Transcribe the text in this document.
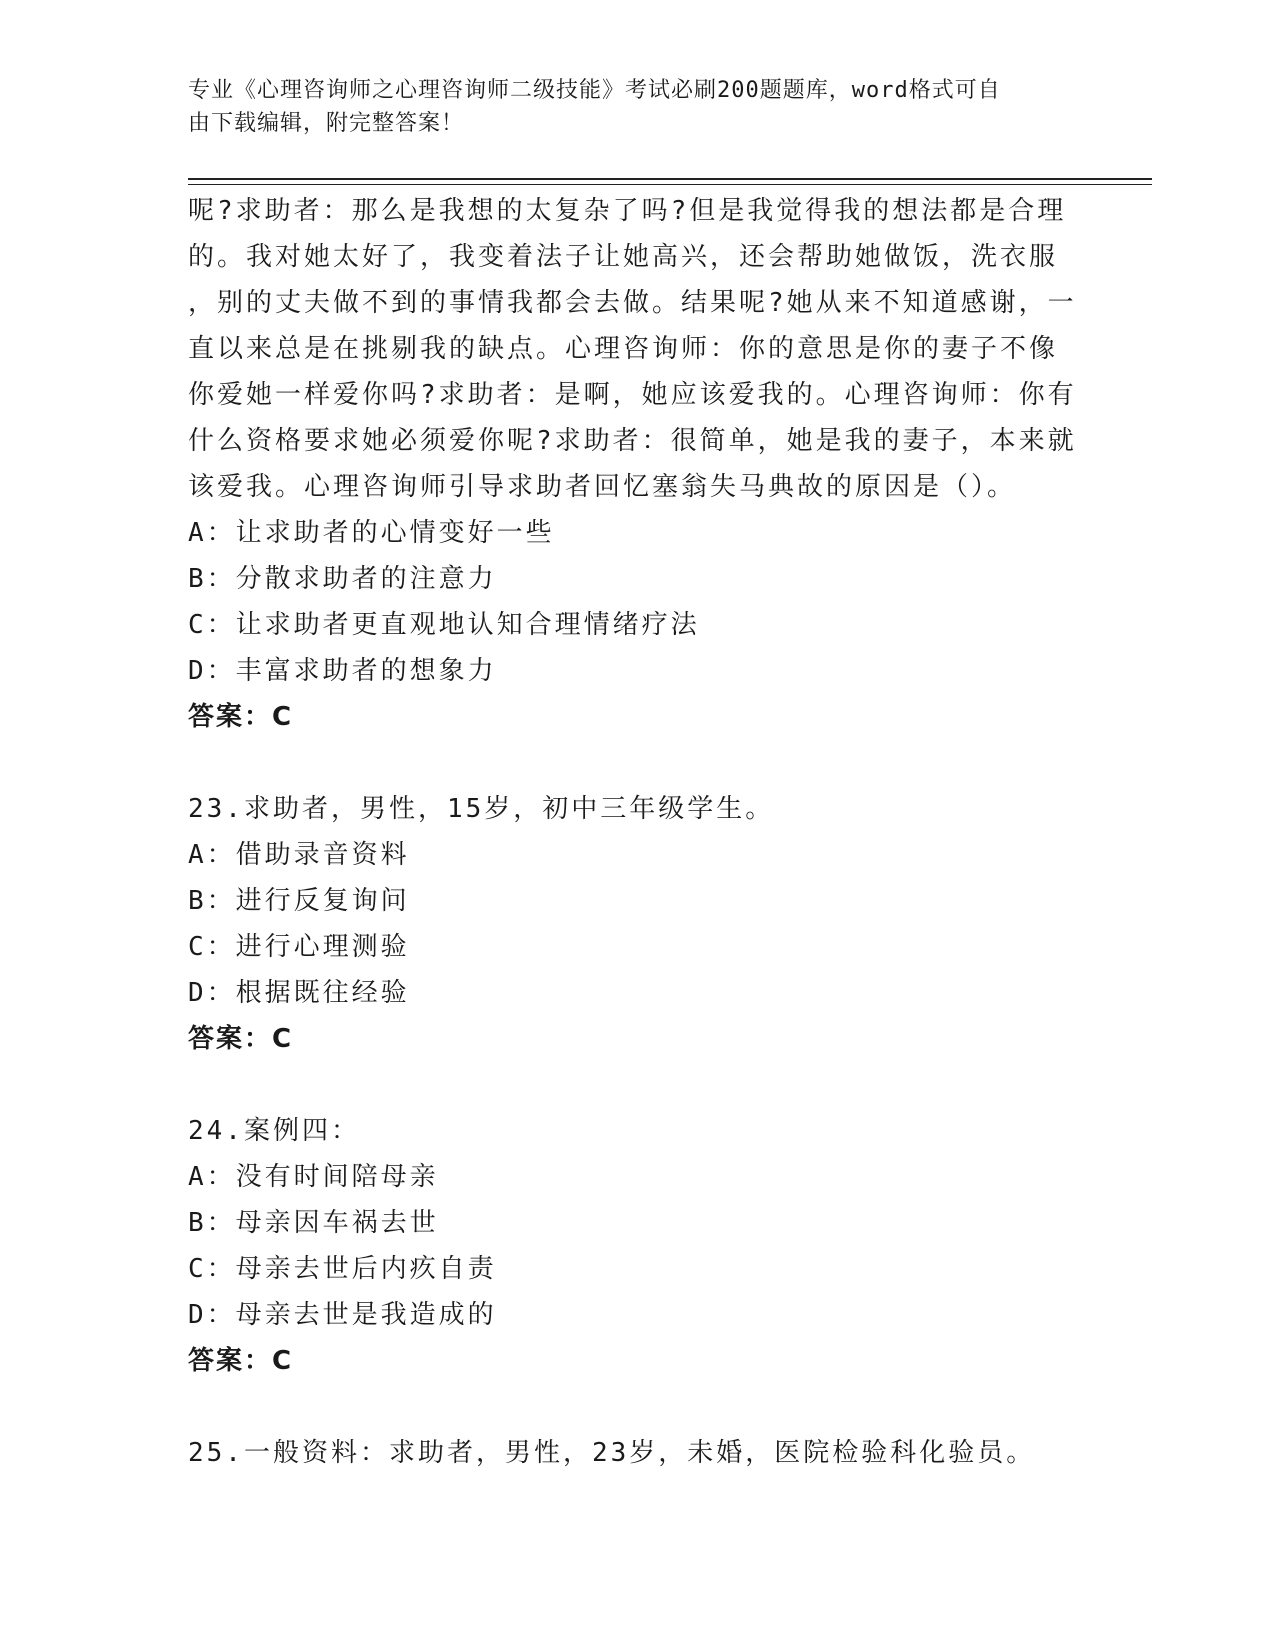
专业《心理咨询师之心理咨询师二级技能》考试必刷200题题库，word格式可自
由下载编辑，附完整答案！
呢?求助者：那么是我想的太复杂了吗?但是我觉得我的想法都是合理
的。我对她太好了，我变着法子让她高兴，还会帮助她做饭，洗衣服
，别的丈夫做不到的事情我都会去做。结果呢?她从来不知道感谢，一
直以来总是在挑剔我的缺点。心理咨询师：你的意思是你的妻子不像
你爱她一样爱你吗?求助者：是啊，她应该爱我的。心理咨询师：你有
什么资格要求她必须爱你呢?求助者：很简单，她是我的妻子，本来就
该爱我。心理咨询师引导求助者回忆塞翁失马典故的原因是（）。
A：让求助者的心情变好一些
B：分散求助者的注意力
C：让求助者更直观地认知合理情绪疗法
D：丰富求助者的想象力
答案：C
23.求助者，男性，15岁，初中三年级学生。
A：借助录音资料
B：进行反复询问
C：进行心理测验
D：根据既往经验
答案：C
24.案例四：
A：没有时间陪母亲
B：母亲因车祸去世
C：母亲去世后内疚自责
D：母亲去世是我造成的
答案：C
25.一般资料：求助者，男性，23岁，未婚，医院检验科化验员。
